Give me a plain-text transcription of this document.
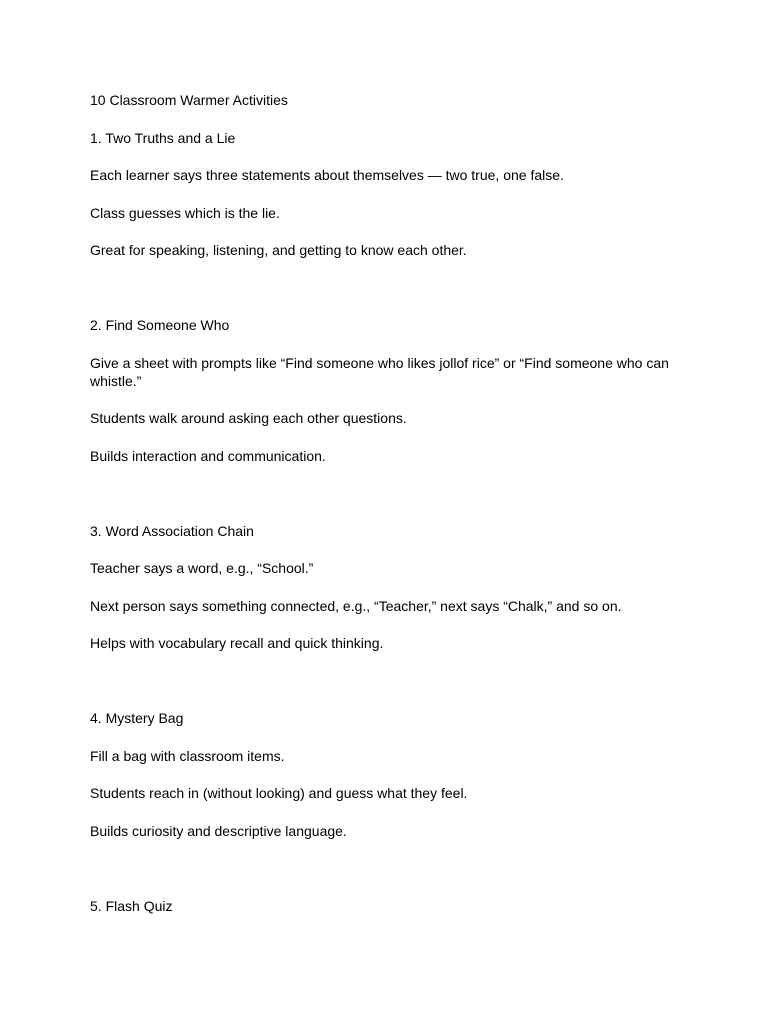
10 Classroom Warmer Activities

1. Two Truths and a Lie

Each learner says three statements about themselves — two true, one false.

Class guesses which is the lie.

Great for speaking, listening, and getting to know each other.

2. Find Someone Who

Give a sheet with prompts like “Find someone who likes jollof rice” or “Find someone who can whistle.”

Students walk around asking each other questions.

Builds interaction and communication.

3. Word Association Chain

Teacher says a word, e.g., “School.”

Next person says something connected, e.g., “Teacher,” next says “Chalk,” and so on.

Helps with vocabulary recall and quick thinking.

4. Mystery Bag

Fill a bag with classroom items.

Students reach in (without looking) and guess what they feel.

Builds curiosity and descriptive language.

5. Flash Quiz
